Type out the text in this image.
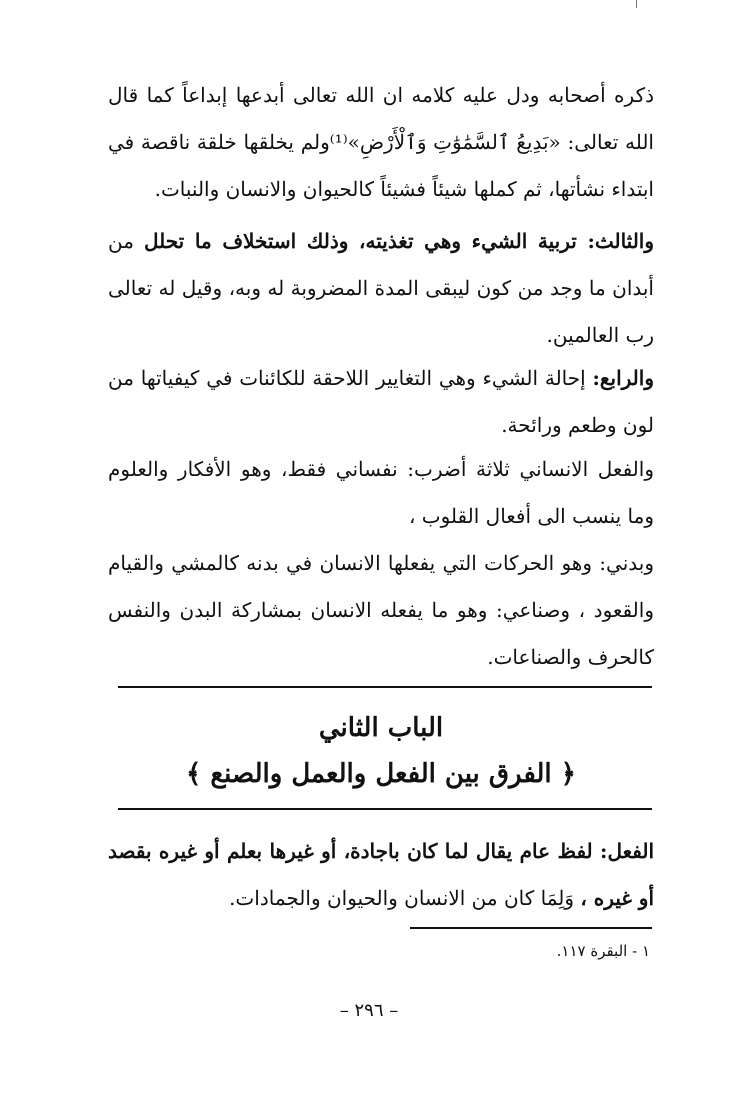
ذكره أصحابه ودل عليه كلامه ان الله تعالى أبدعها إبداعاً كما قال الله تعالى: «بَدِيعُ ٱلسَّمَٰوَٰتِ وَٱلْأَرْضِ»⁽¹⁾ولم يخلقها خلقة ناقصة في ابتداء نشأتها، ثم كملها شيئاً فشيئاً كالحيوان والانسان والنبات.

والثالث: تربية الشيء وهي تغذيته، وذلك استخلاف ما تحلل من أبدان ما وجد من كون ليبقى المدة المضروبة له وبه، وقيل له تعالى رب العالمين.

والرابع: إحالة الشيء وهي التغايير اللاحقة للكائنات في كيفياتها من لون وطعم ورائحة.

والفعل الانساني ثلاثة أضرب: نفساني فقط، وهو الأفكار والعلوم وما ينسب الى أفعال القلوب ،

وبدني: وهو الحركات التي يفعلها الانسان في بدنه كالمشي والقيام والقعود ، وصناعي: وهو ما يفعله الانسان بمشاركة البدن والنفس كالحرف والصناعات.

الباب الثاني
﴿ الفرق بين الفعل والعمل والصنع ﴾

الفعل: لفظ عام يقال لما كان باجادة، أو غيرها بعلم أو غيره بقصد أو غيره ، وَلِمَا كان من الانسان والحيوان والجمادات.

١ - البقرة ١١٧.
– ٢٩٦ –
